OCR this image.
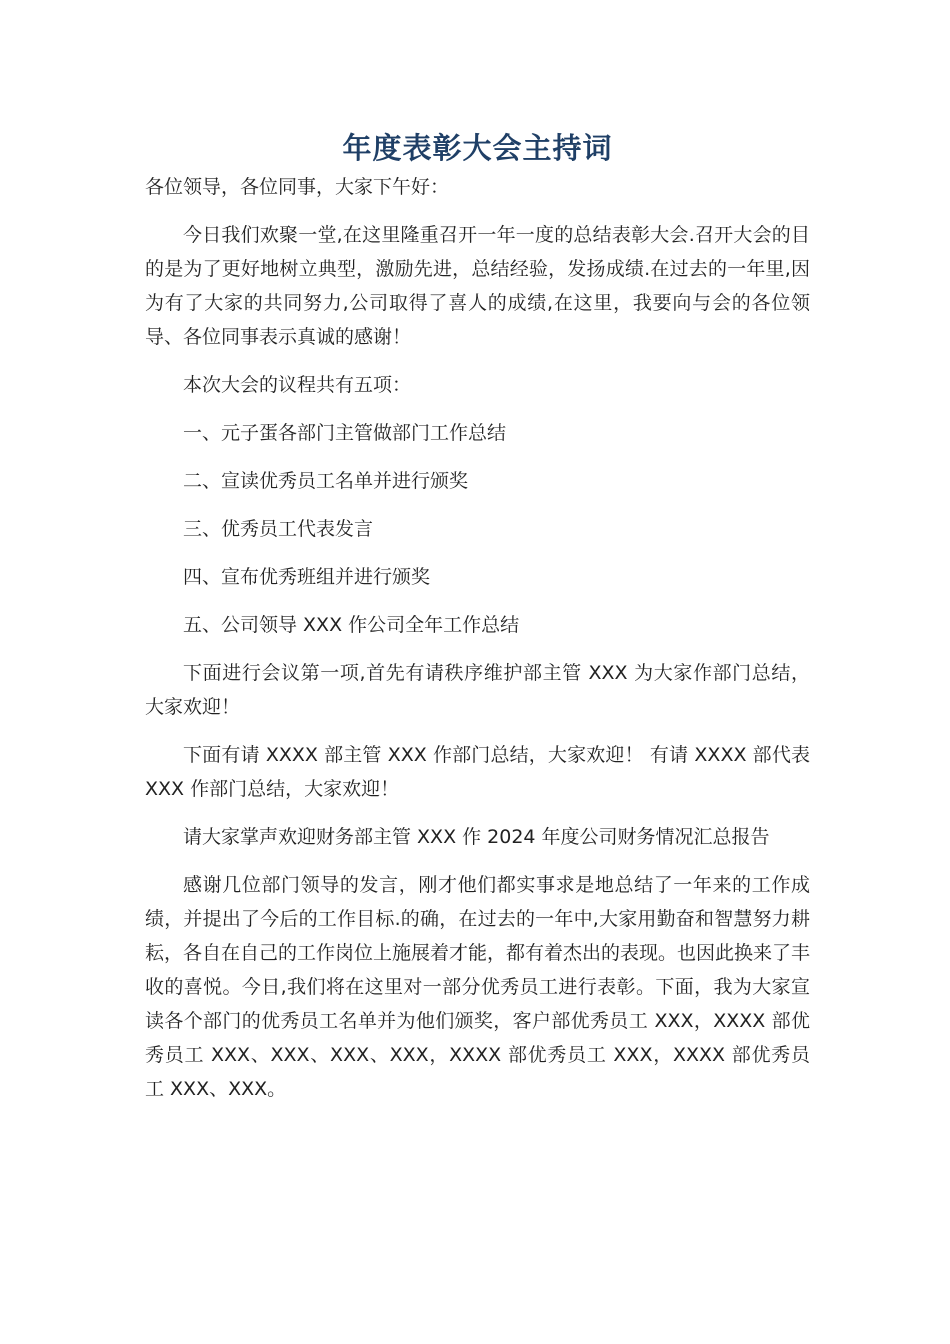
年度表彰大会主持词

各位领导，各位同事，大家下午好：

今日我们欢聚一堂,在这里隆重召开一年一度的总结表彰大会.召开大会的目的是为了更好地树立典型，激励先进，总结经验，发扬成绩.在过去的一年里,因为有了大家的共同努力,公司取得了喜人的成绩,在这里，我要向与会的各位领导、各位同事表示真诚的感谢！

本次大会的议程共有五项：

一、元子蛋各部门主管做部门工作总结

二、宣读优秀员工名单并进行颁奖

三、优秀员工代表发言

四、宣布优秀班组并进行颁奖

五、公司领导 XXX 作公司全年工作总结

下面进行会议第一项,首先有请秩序维护部主管 XXX 为大家作部门总结，大家欢迎！

下面有请 XXXX 部主管 XXX 作部门总结，大家欢迎！ 有请 XXXX 部代表 XXX 作部门总结，大家欢迎！

请大家掌声欢迎财务部主管 XXX 作 2024 年度公司财务情况汇总报告

感谢几位部门领导的发言，刚才他们都实事求是地总结了一年来的工作成绩，并提出了今后的工作目标.的确，在过去的一年中,大家用勤奋和智慧努力耕耘，各自在自己的工作岗位上施展着才能，都有着杰出的表现。也因此换来了丰收的喜悦。今日,我们将在这里对一部分优秀员工进行表彰。下面，我为大家宣读各个部门的优秀员工名单并为他们颁奖，客户部优秀员工 XXX，XXXX 部优秀员工 XXX、XXX、XXX、XXX，XXXX 部优秀员工 XXX，XXXX 部优秀员工 XXX、XXX。
